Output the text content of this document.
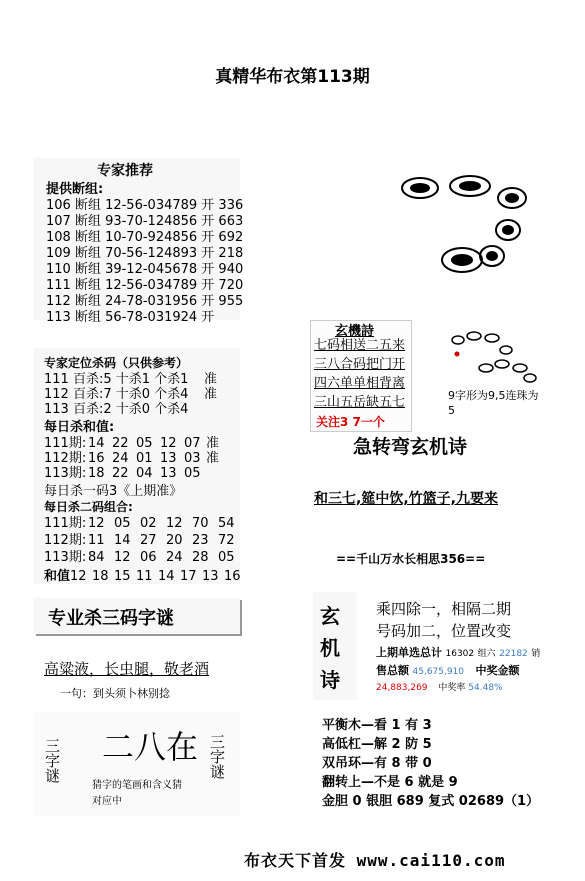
真精华布衣第113期
专家推荐
提供断组:
106 断组 12-56-034789 开 336
107 断组 93-70-124856 开 663
108 断组 10-70-924856 开 692
109 断组 70-56-124893 开 218
110 断组 39-12-045678 开 940
111 断组 12-56-034789 开 720
112 断组 24-78-031956 开 955
113 断组 56-78-031924 开
专家定位杀码（只供参考）
111 百杀:5 十杀1 个杀1 准
112 百杀:7 十杀0 个杀4 准
113 百杀:2 十杀0 个杀4
每日杀和值:
111期: 14 22 05 12 07 准
112期: 16 24 01 13 03 准
113期: 18 22 04 13 05
每日杀一码3《上期准》
每日杀二码组合:
111期: 12 05 02 12 70 54
112期: 11 14 27 20 23 72
113期: 84 12 06 24 28 05
和值12 18 15 11 14 17 13 16
专业杀三码字谜
高粱液，长虫腿，敬老酒
一句：到头须卜林别捻
三字谜 二八在 三字谜
猜字的笔画和含义猜
对应中
玄機詩
七码相送二五来
三八合码把门开
四六单单相背离
三山五岳缺五七
关注3 7一个
9字形为9,5连珠为5
急转弯玄机诗
和三七,筵中饮,竹篮子,九要来
==千山万水长相思356==
玄
机
诗
乘四除一，相隔二期
号码加二，位置改变
上期单选总计 16302 组六 22182 销
售总额 45,675,910 中奖金额
24,883,269 中奖率 54.48%
平衡木—看 1 有 3
高低杠—解 2 防 5
双吊环—有 8 带 0
翻转上—不是 6 就是 9
金胆 0 银胆 689 复式 02689（1）
布衣天下首发 www.cai110.com
